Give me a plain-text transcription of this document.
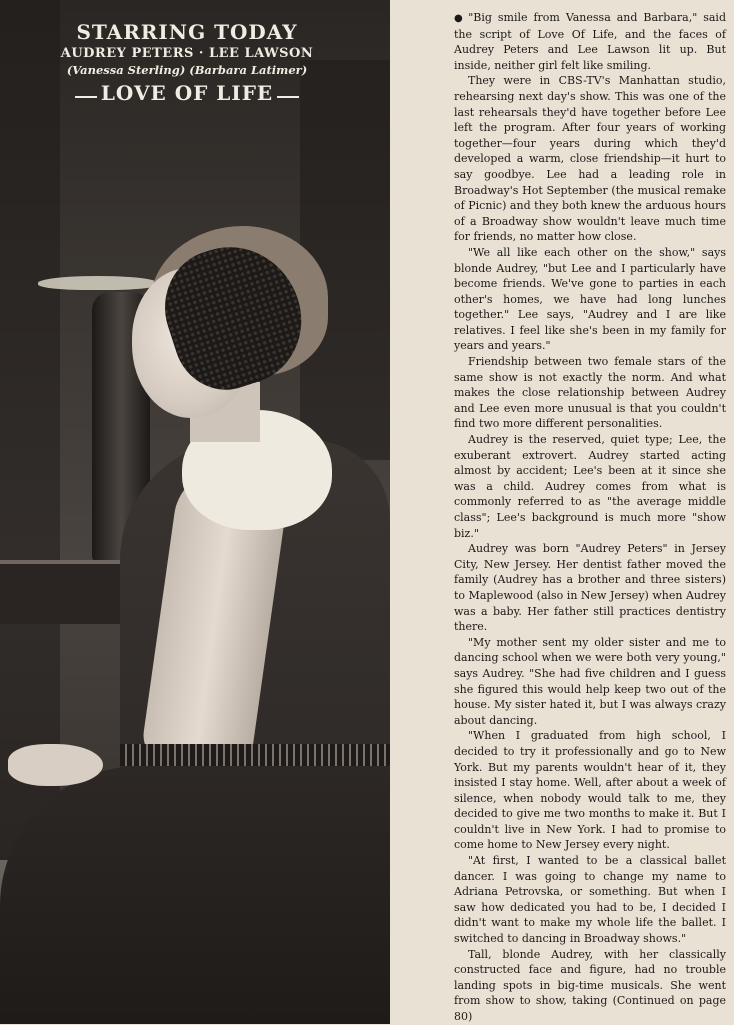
STARRING TODAY
AUDREY PETERS · LEE LAWSON
(Vanessa Sterling) (Barbara Latimer)
LOVE OF LIFE

● "Big smile from Vanessa and Barbara," said the script of Love Of Life, and the faces of Audrey Peters and Lee Lawson lit up. But inside, neither girl felt like smiling.

They were in CBS-TV's Manhattan studio, rehearsing next day's show. This was one of the last rehearsals they'd have together before Lee left the program. After four years of working together—four years during which they'd developed a warm, close friendship—it hurt to say goodbye. Lee had a leading role in Broadway's Hot September (the musical remake of Picnic) and they both knew the arduous hours of a Broadway show wouldn't leave much time for friends, no matter how close.

"We all like each other on the show," says blonde Audrey, "but Lee and I particularly have become friends. We've gone to parties in each other's homes, we have had long lunches together." Lee says, "Audrey and I are like relatives. I feel like she's been in my family for years and years."

Friendship between two female stars of the same show is not exactly the norm. And what makes the close relationship between Audrey and Lee even more unusual is that you couldn't find two more different personalities.

Audrey is the reserved, quiet type; Lee, the exuberant extrovert. Audrey started acting almost by accident; Lee's been at it since she was a child. Audrey comes from what is commonly referred to as "the average middle class"; Lee's background is much more "show biz."

Audrey was born "Audrey Peters" in Jersey City, New Jersey. Her dentist father moved the family (Audrey has a brother and three sisters) to Maplewood (also in New Jersey) when Audrey was a baby. Her father still practices dentistry there.

"My mother sent my older sister and me to dancing school when we were both very young," says Audrey. "She had five children and I guess she figured this would help keep two out of the house. My sister hated it, but I was always crazy about dancing.

"When I graduated from high school, I decided to try it professionally and go to New York. But my parents wouldn't hear of it, they insisted I stay home. Well, after about a week of silence, when nobody would talk to me, they decided to give me two months to make it. But I couldn't live in New York. I had to promise to come home to New Jersey every night.

"At first, I wanted to be a classical ballet dancer. I was going to change my name to Adriana Petrovska, or something. But when I saw how dedicated you had to be, I decided I didn't want to make my whole life the ballet. I switched to dancing in Broadway shows."

Tall, blonde Audrey, with her classically constructed face and figure, had no trouble landing spots in big-time musicals. She went from show to show, taking (Continued on page 80)
